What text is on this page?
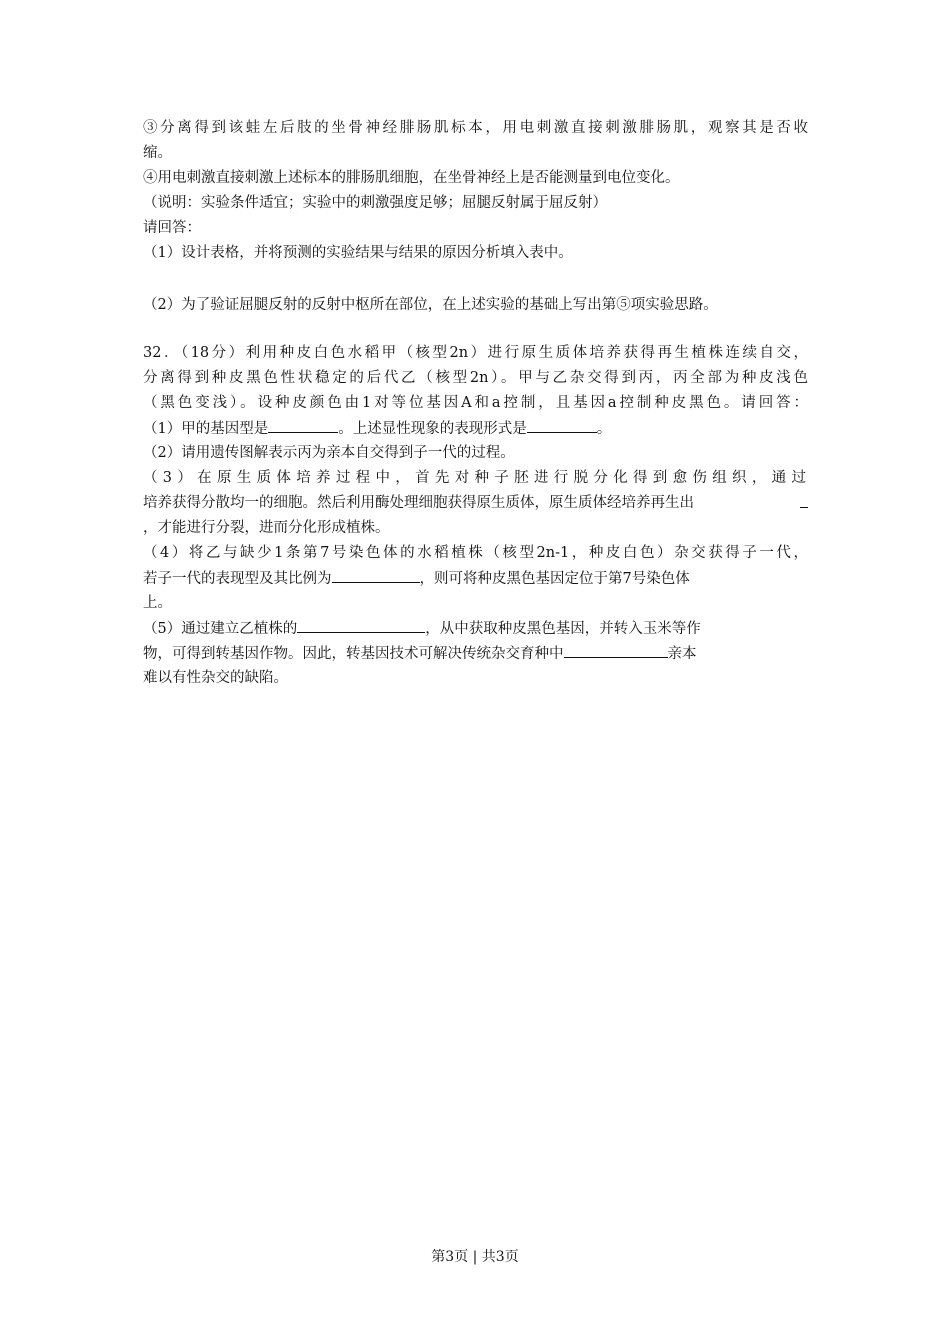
③分离得到该蛙左后肢的坐骨神经腓肠肌标本，用电刺激直接刺激腓肠肌，观察其是否收
缩。
④用电刺激直接刺激上述标本的腓肠肌细胞，在坐骨神经上是否能测量到电位变化。
（说明：实验条件适宜；实验中的刺激强度足够；屈腿反射属于屈反射）
请回答：
（1）设计表格，并将预测的实验结果与结果的原因分析填入表中。
（2）为了验证屈腿反射的反射中枢所在部位，在上述实验的基础上写出第⑤项实验思路。
32．（18分）利用种皮白色水稻甲（核型2n）进行原生质体培养获得再生植株连续自交，
分离得到种皮黑色性状稳定的后代乙（核型2n）。甲与乙杂交得到丙，丙全部为种皮浅色
（黑色变浅）。设种皮颜色由1对等位基因A和a控制，且基因a控制种皮黑色。请回答：
（1）甲的基因型是	。上述显性现象的表现形式是	。
（2）请用遗传图解表示丙为亲本自交得到子一代的过程。
（3）在原生质体培养过程中，首先对种子胚进行脱分化得到愈伤组织，通过
培养获得分散均一的细胞。然后利用酶处理细胞获得原生质体，原生质体经培养再生出
，才能进行分裂，进而分化形成植株。
（4）将乙与缺少1条第7号染色体的水稻植株（核型2n-1，种皮白色）杂交获得子一代，
若子一代的表现型及其比例为	，则可将种皮黑色基因定位于第7号染色体
上。
（5）通过建立乙植株的	，从中获取种皮黑色基因，并转入玉米等作
物，可得到转基因作物。因此，转基因技术可解决传统杂交育种中	亲本
难以有性杂交的缺陷。
第3页 | 共3页
